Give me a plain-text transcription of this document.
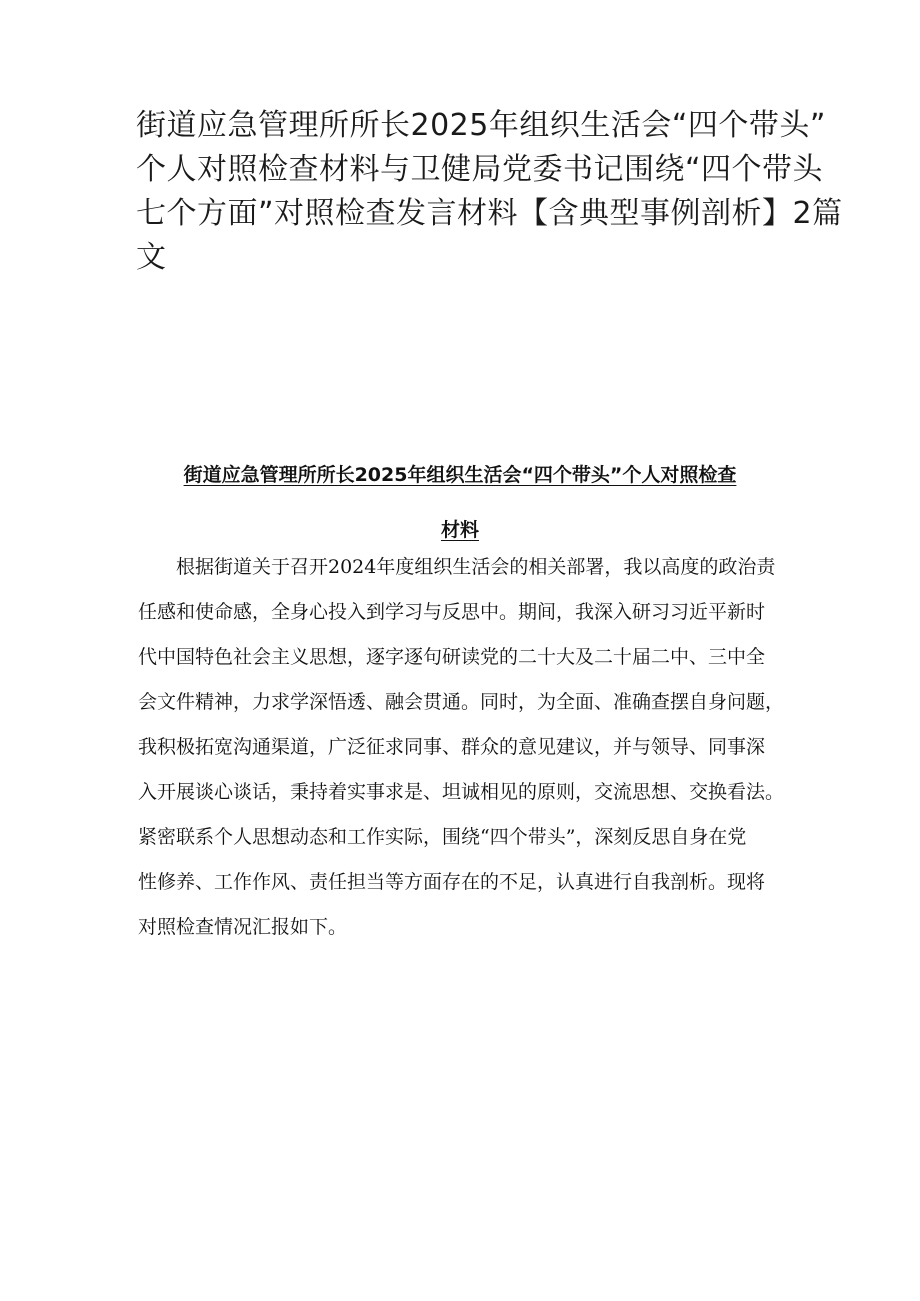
街道应急管理所所长2025年组织生活会“四个带头”
个人对照检查材料与卫健局党委书记围绕“四个带头
七个方面”对照检查发言材料【含典型事例剖析】2篇
文
街道应急管理所所长2025年组织生活会“四个带头”个人对照检查
材料

　　根据街道关于召开2024年度组织生活会的相关部署，我以高度的政治责
任感和使命感，全身心投入到学习与反思中。期间，我深入研习习近平新时
代中国特色社会主义思想，逐字逐句研读党的二十大及二十届二中、三中全
会文件精神，力求学深悟透、融会贯通。同时，为全面、准确查摆自身问题，
我积极拓宽沟通渠道，广泛征求同事、群众的意见建议，并与领导、同事深
入开展谈心谈话，秉持着实事求是、坦诚相见的原则，交流思想、交换看法。
紧密联系个人思想动态和工作实际，围绕“四个带头”，深刻反思自身在党
性修养、工作作风、责任担当等方面存在的不足，认真进行自我剖析。现将
对照检查情况汇报如下。
